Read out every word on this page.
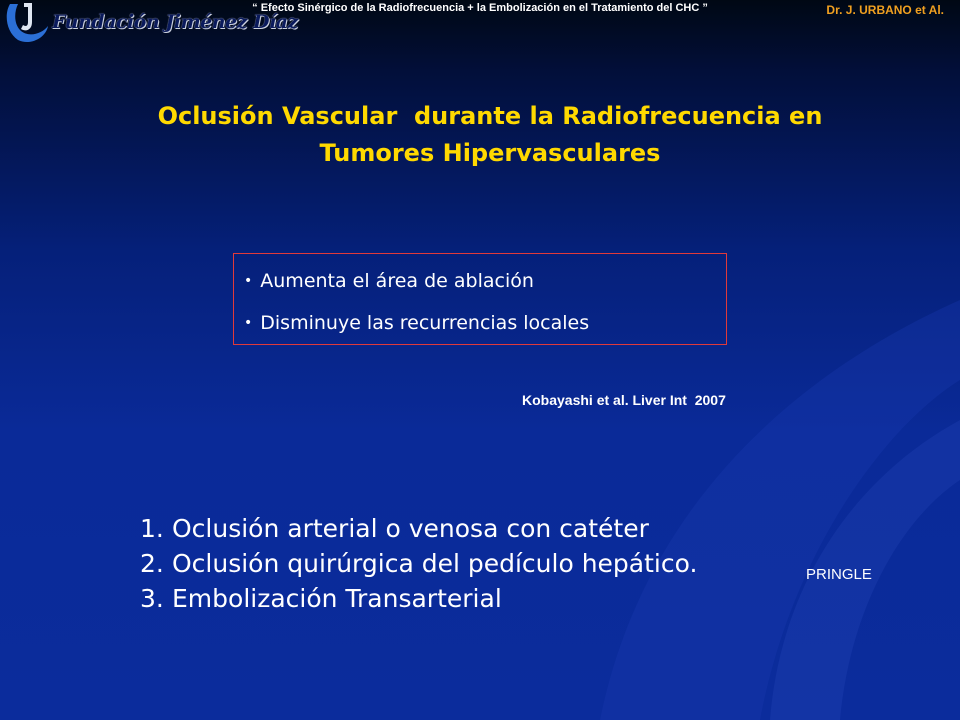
Fundación Jiménez Díaz
“ Efecto Sinérgico de la Radiofrecuencia + la Embolización en el Tratamiento del CHC ”	Dr. J. URBANO et Al.
Oclusión Vascular  durante la Radiofrecuencia en
Tumores Hipervasculares
• Aumenta el área de ablación
• Disminuye las recurrencias locales
Kobayashi et al. Liver Int  2007
1. Oclusión arterial o venosa con catéter
2. Oclusión quirúrgica del pedículo hepático.
3. Embolización Transarterial
PRINGLE
